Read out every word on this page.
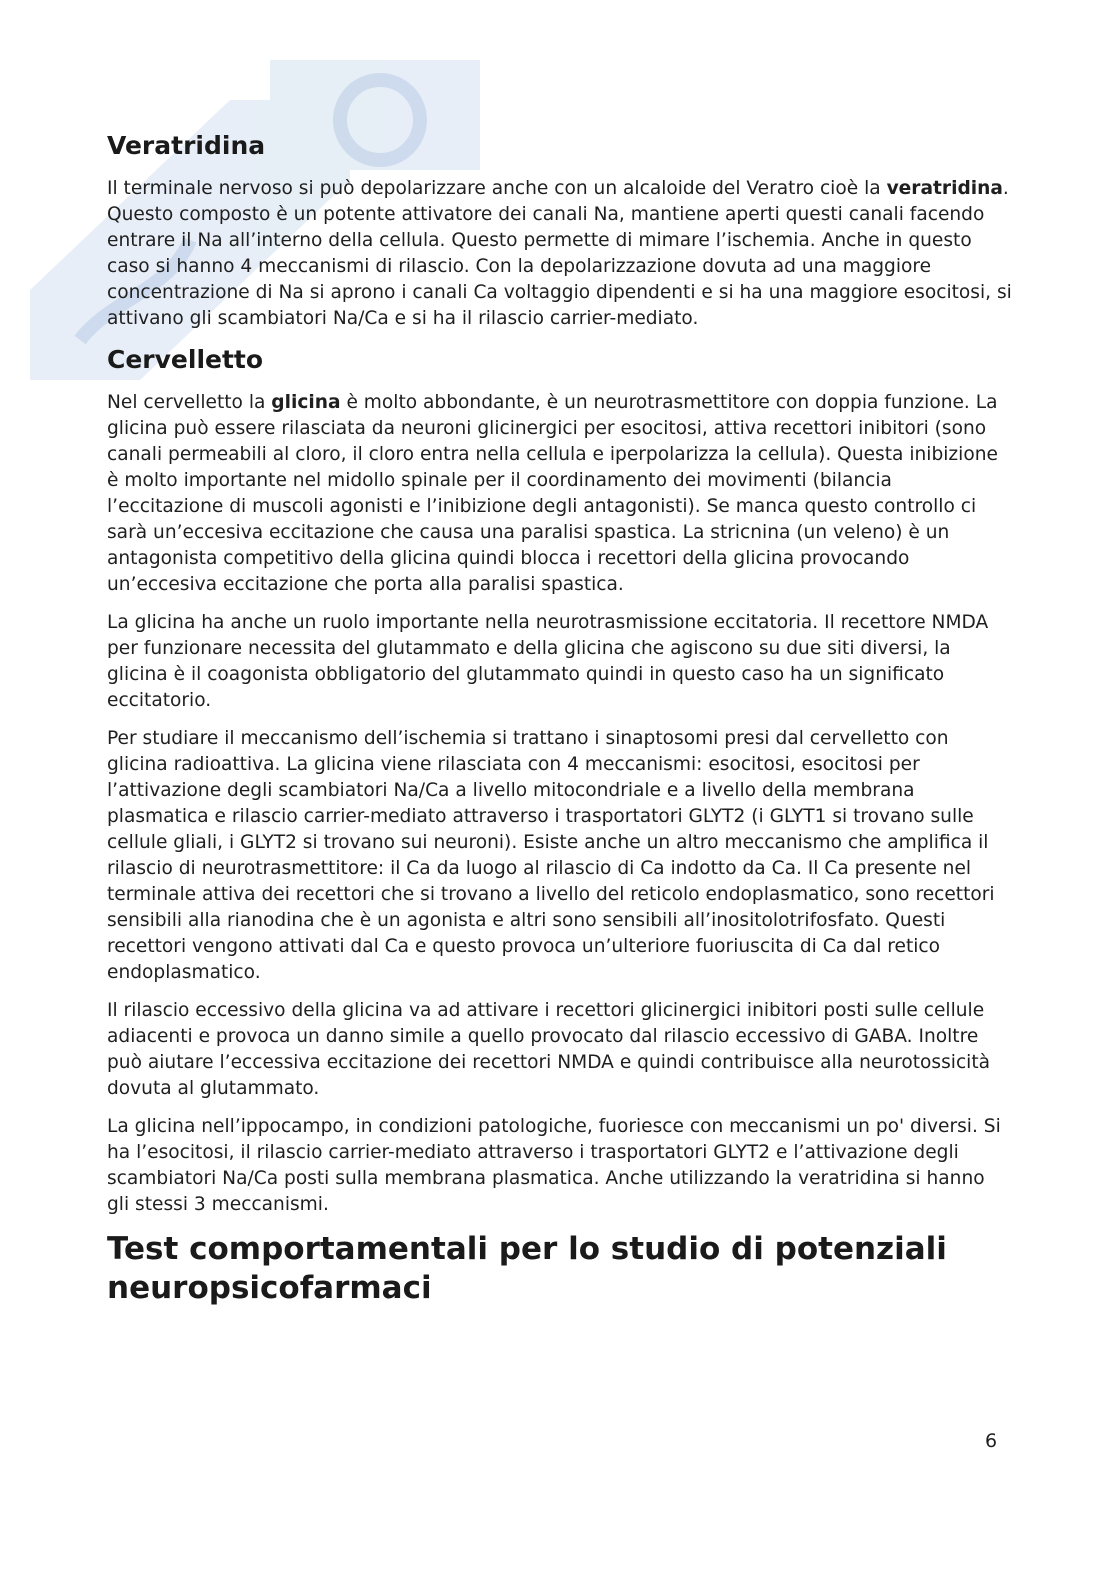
Veratridina

Il terminale nervoso si può depolarizzare anche con un alcaloide del Veratro cioè la veratridina. Questo composto è un potente attivatore dei canali Na, mantiene aperti questi canali facendo entrare il Na all’interno della cellula. Questo permette di mimare l’ischemia. Anche in questo caso si hanno 4 meccanismi di rilascio. Con la depolarizzazione dovuta ad una maggiore concentrazione di Na si aprono i canali Ca voltaggio dipendenti e si ha una maggiore esocitosi, si attivano gli scambiatori Na/Ca e si ha il rilascio carrier-mediato.

Cervelletto

Nel cervelletto la glicina è molto abbondante, è un neurotrasmettitore con doppia funzione. La glicina può essere rilasciata da neuroni glicinergici per esocitosi, attiva recettori inibitori (sono canali permeabili al cloro, il cloro entra nella cellula e iperpolarizza la cellula). Questa inibizione è molto importante nel midollo spinale per il coordinamento dei movimenti (bilancia l’eccitazione di muscoli agonisti e l’inibizione degli antagonisti). Se manca questo controllo ci sarà un’eccesiva eccitazione che causa una paralisi spastica. La stricnina (un veleno) è un antagonista competitivo della glicina quindi blocca i recettori della glicina provocando un’eccesiva eccitazione che porta alla paralisi spastica.

La glicina ha anche un ruolo importante nella neurotrasmissione eccitatoria. Il recettore NMDA per funzionare necessita del glutammato e della glicina che agiscono su due siti diversi, la glicina è il coagonista obbligatorio del glutammato quindi in questo caso ha un significato eccitatorio.

Per studiare il meccanismo dell’ischemia si trattano i sinaptosomi presi dal cervelletto con glicina radioattiva. La glicina viene rilasciata con 4 meccanismi: esocitosi, esocitosi per l’attivazione degli scambiatori Na/Ca a livello mitocondriale e a livello della membrana plasmatica e rilascio carrier-mediato attraverso i trasportatori GLYT2 (i GLYT1 si trovano sulle cellule gliali, i GLYT2 si trovano sui neuroni). Esiste anche un altro meccanismo che amplifica il rilascio di neurotrasmettitore: il Ca da luogo al rilascio di Ca indotto da Ca. Il Ca presente nel terminale attiva dei recettori che si trovano a livello del reticolo endoplasmatico, sono recettori sensibili alla rianodina che è un agonista e altri sono sensibili all’inositolotrifosfato. Questi recettori vengono attivati dal Ca e questo provoca un’ulteriore fuoriuscita di Ca dal retico endoplasmatico.

Il rilascio eccessivo della glicina va ad attivare i recettori glicinergici inibitori posti sulle cellule adiacenti e provoca un danno simile a quello provocato dal rilascio eccessivo di GABA. Inoltre può aiutare l’eccessiva eccitazione dei recettori NMDA e quindi contribuisce alla neurotossicità dovuta al glutammato.

La glicina nell’ippocampo, in condizioni patologiche, fuoriesce con meccanismi un po' diversi. Si ha l’esocitosi, il rilascio carrier-mediato attraverso i trasportatori GLYT2 e l’attivazione degli scambiatori Na/Ca posti sulla membrana plasmatica. Anche utilizzando la veratridina si hanno gli stessi 3 meccanismi.

Test comportamentali per lo studio di potenziali neuropsicofarmaci
6
